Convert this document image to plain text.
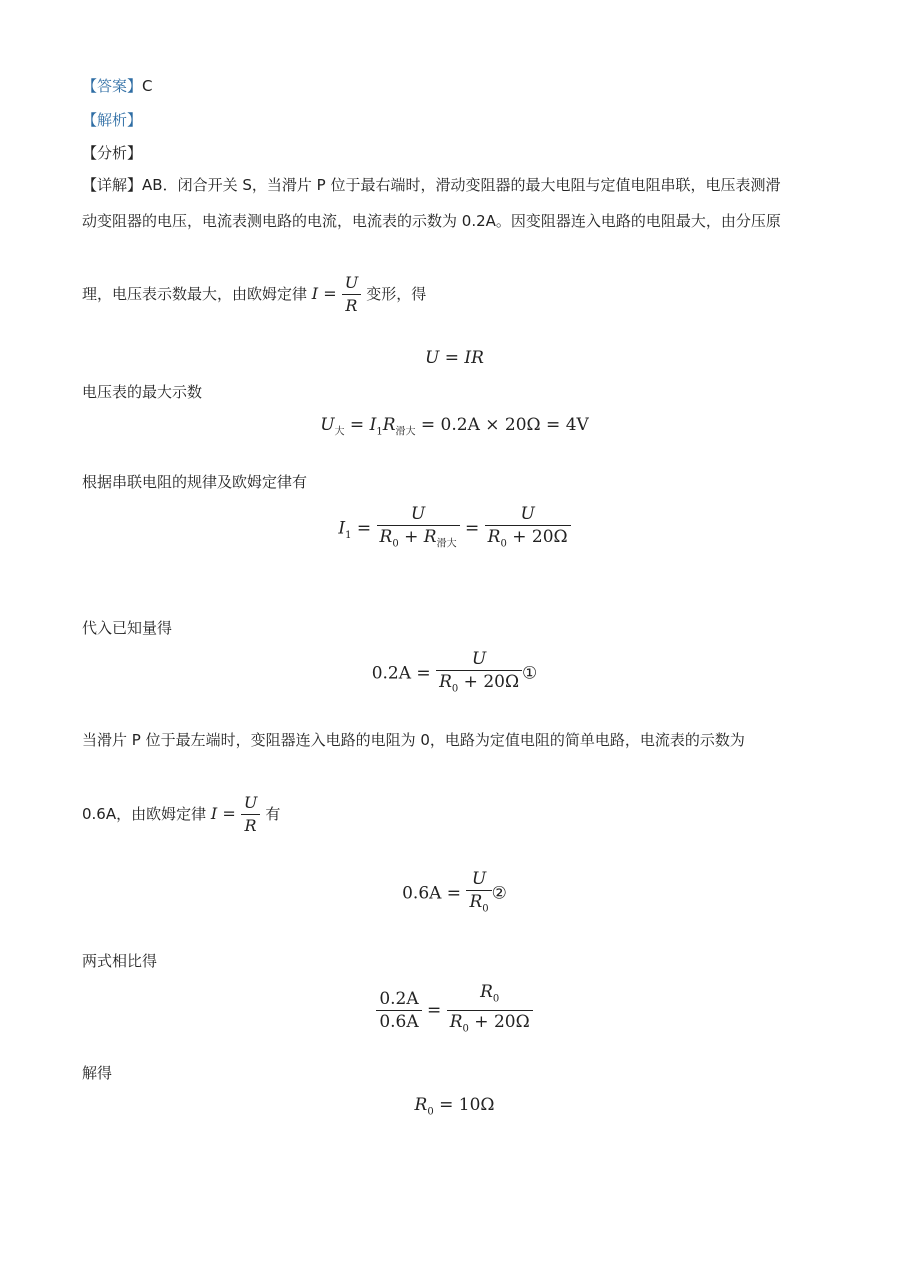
【答案】C
【解析】
【分析】
【详解】AB．闭合开关 S，当滑片 P 位于最右端时，滑动变阻器的最大电阻与定值电阻串联，电压表测滑
动变阻器的电压，电流表测电路的电流，电流表的示数为 0.2A。因变阻器连入电路的电阻最大，由分压原
理，电压表示数最大，由欧姆定律 $I = \frac{U}{R}$ 变形，得
U = IR
电压表的最大示数
$U_大 = I_1R_{滑大} = 0.2A \times 20\Omega = 4V$
根据串联电阻的规律及欧姆定律有
$I_1 = \frac{U}{R_0 + R_{滑大}} = \frac{U}{R_0 + 20\Omega}$
代入已知量得
$0.2A = \frac{U}{R_0 + 20\Omega}$ ①
当滑片 P 位于最左端时，变阻器连入电路的电阻为 0，电路为定值电阻的简单电路，电流表的示数为
0.6A，由欧姆定律 $I = \frac{U}{R}$ 有
$0.6A = \frac{U}{R_0}$ ②
两式相比得
$\frac{0.2A}{0.6A} = \frac{R_0}{R_0 + 20\Omega}$
解得
$R_0 = 10\Omega$
